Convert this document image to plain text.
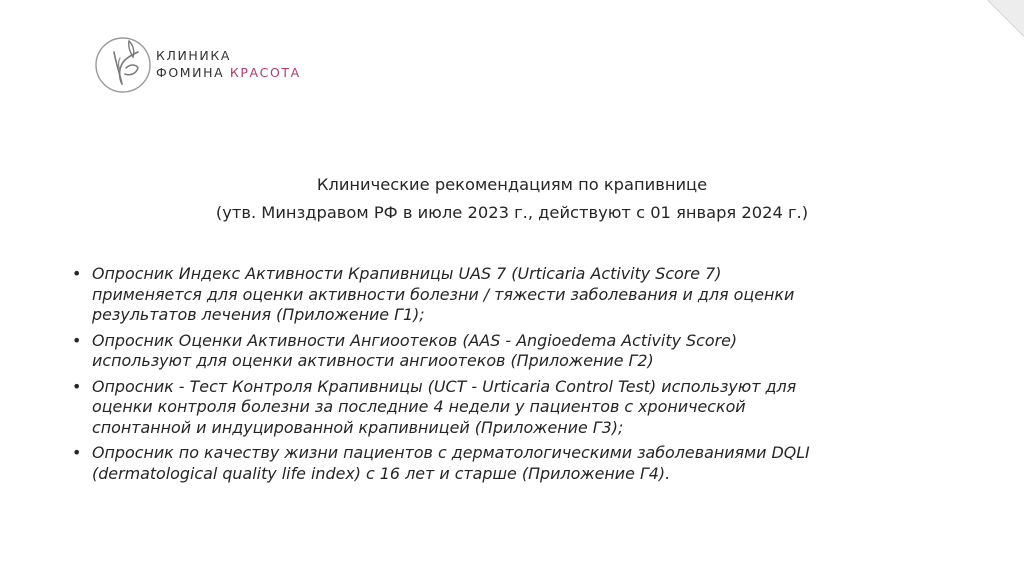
КЛИНИКА
ФОМИНА КРАСОТА
Клинические рекомендациям по крапивнице
(утв. Минздравом РФ в июле 2023 г., действуют с 01 января 2024 г.)
• Опросник Индекс Активности Крапивницы UAS 7 (Urticaria Activity Score 7)
применяется для оценки активности болезни / тяжести заболевания и для оценки
результатов лечения (Приложение Г1);
• Опросник Оценки Активности Ангиоотеков (AAS - Angioedema Activity Score)
используют для оценки активности ангиоотеков (Приложение Г2)
• Опросник - Тест Контроля Крапивницы (UCT - Urticaria Control Test) используют для
оценки контроля болезни за последние 4 недели у пациентов с хронической
спонтанной и индуцированной крапивницей (Приложение Г3);
• Опросник по качеству жизни пациентов с дерматологическими заболеваниями DQLI
(dermatological quality life index) с 16 лет и старше (Приложение Г4).
